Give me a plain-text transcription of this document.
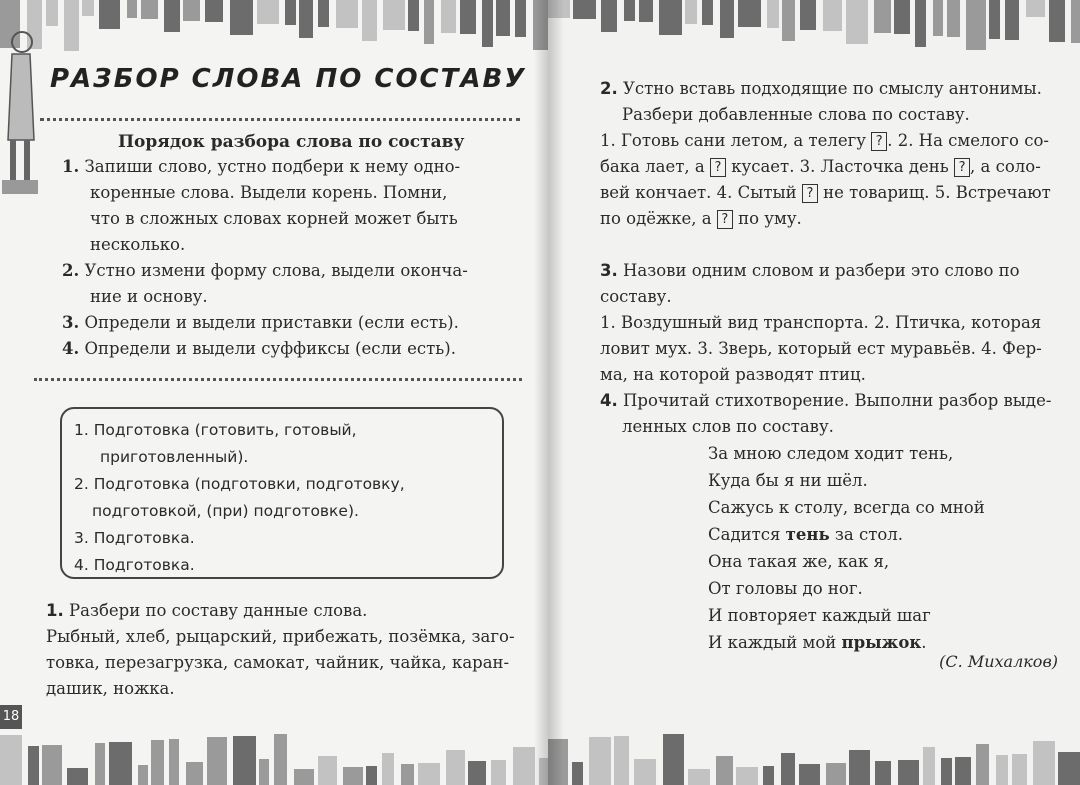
РАЗБОР СЛОВА ПО СОСТАВУ
Порядок разбора слова по составу
1. Запиши слово, устно подбери к нему одно-
коренные слова. Выдели корень. Помни,
что в сложных словах корней может быть
несколько.
2. Устно измени форму слова, выдели оконча-
ние и основу.
3. Определи и выдели приставки (если есть).
4. Определи и выдели суффиксы (если есть).
1. Подготовка (готовить, готовый,
приготовленный).
2. Подготовка (подготовки, подготовку,
подготовкой, (при) подготовке).
3. Подготовка.
4. Подготовка.
1. Разбери по составу данные слова.
Рыбный, хлеб, рыцарский, прибежать, позёмка, заго-
товка, перезагрузка, самокат, чайник, чайка, каран-
дашик, ножка.
18
2. Устно вставь подходящие по смыслу антонимы.
Разбери добавленные слова по составу.
1. Готовь сани летом, а телегу ? . 2. На смелого со-
бака лает, а ? кусает. 3. Ласточка день ? , а соло-
вей кончает. 4. Сытый ? не товарищ. 5. Встречают
по одёжке, а ? по уму.
3. Назови одним словом и разбери это слово по составу.
1. Воздушный вид транспорта. 2. Птичка, которая
ловит мух. 3. Зверь, который ест муравьёв. 4. Фер-
ма, на которой разводят птиц.
4. Прочитай стихотворение. Выполни разбор выде-
ленных слов по составу.
За мною следом ходит тень,
Куда бы я ни шёл.
Сажусь к столу, всегда со мной
Садится тень за стол.
Она такая же, как я,
От головы до ног.
И повторяет каждый шаг
И каждый мой прыжок.
(С. Михалков)
